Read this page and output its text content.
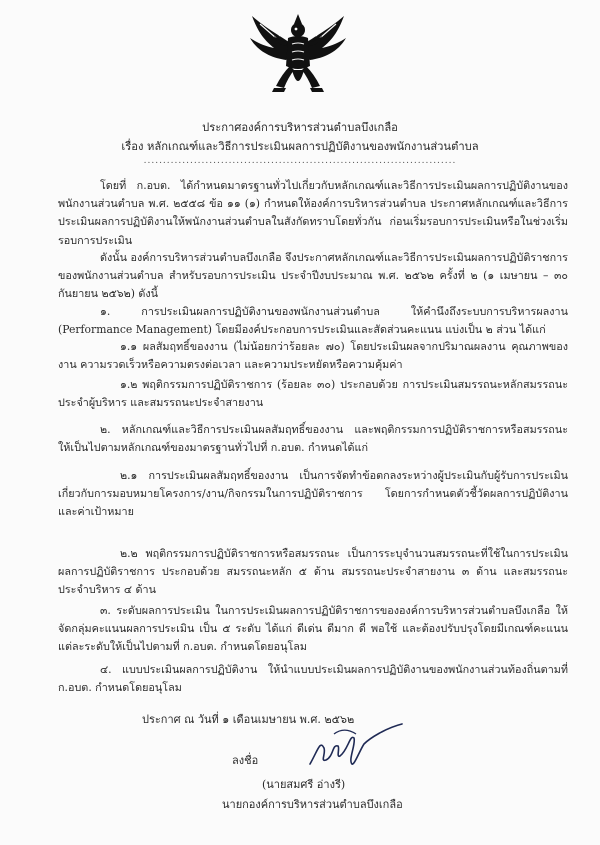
ประกาศองค์การบริหารส่วนตำบลบึงเกลือ
เรื่อง หลักเกณฑ์และวิธีการประเมินผลการปฏิบัติงานของพนักงานส่วนตำบล
.................................................................................
โดยที่ ก.อบต. ได้กำหนดมาตรฐานทั่วไปเกี่ยวกับหลักเกณฑ์และวิธีการประเมินผลการปฏิบัติงานของพนักงานส่วนตำบล พ.ศ. ๒๕๕๘ ข้อ ๑๑ (๑) กำหนดให้องค์การบริหารส่วนตำบล ประกาศหลักเกณฑ์และวิธีการประเมินผลการปฏิบัติงานให้พนักงานส่วนตำบลในสังกัดทราบโดยทั่วกัน ก่อนเริ่มรอบการประเมินหรือในช่วงเริ่มรอบการประเมิน
ดังนั้น องค์การบริหารส่วนตำบลบึงเกลือ จึงประกาศหลักเกณฑ์และวิธีการประเมินผลการปฏิบัติราชการของพนักงานส่วนตำบล สำหรับรอบการประเมิน ประจำปีงบประมาณ พ.ศ. ๒๕๖๒ ครั้งที่ ๒ (๑ เมษายน – ๓๐ กันยายน ๒๕๖๒) ดังนี้
๑. การประเมินผลการปฏิบัติงานของพนักงานส่วนตำบล ให้คำนึงถึงระบบการบริหารผลงาน (Performance Management) โดยมีองค์ประกอบการประเมินและสัดส่วนคะแนน แบ่งเป็น ๒ ส่วน ได้แก่
๑.๑ ผลสัมฤทธิ์ของงาน (ไม่น้อยกว่าร้อยละ ๗๐) โดยประเมินผลจากปริมาณผลงาน คุณภาพของงาน ความรวดเร็วหรือความตรงต่อเวลา และความประหยัดหรือความคุ้มค่า
๑.๒ พฤติกรรมการปฏิบัติราชการ (ร้อยละ ๓๐) ประกอบด้วย การประเมินสมรรถนะหลักสมรรถนะประจำผู้บริหาร และสมรรถนะประจำสายงาน
๒. หลักเกณฑ์และวิธีการประเมินผลสัมฤทธิ์ของงาน และพฤติกรรมการปฏิบัติราชการหรือสมรรถนะ ให้เป็นไปตามหลักเกณฑ์ของมาตรฐานทั่วไปที่ ก.อบต. กำหนดได้แก่
๒.๑ การประเมินผลสัมฤทธิ์ของงาน เป็นการจัดทำข้อตกลงระหว่างผู้ประเมินกับผู้รับการประเมิน เกี่ยวกับการมอบหมายโครงการ/งาน/กิจกรรมในการปฏิบัติราชการ โดยการกำหนดตัวชี้วัดผลการปฏิบัติงาน และค่าเป้าหมาย
๒.๒ พฤติกรรมการปฏิบัติราชการหรือสมรรถนะ เป็นการระบุจำนวนสมรรถนะที่ใช้ในการประเมินผลการปฏิบัติราชการ ประกอบด้วย สมรรถนะหลัก ๕ ด้าน สมรรถนะประจำสายงาน ๓ ด้าน และสมรรถนะประจำบริหาร ๔ ด้าน
๓. ระดับผลการประเมิน ในการประเมินผลการปฏิบัติราชการขององค์การบริหารส่วนตำบลบึงเกลือ ให้จัดกลุ่มคะแนนผลการประเมิน เป็น ๕ ระดับ ได้แก่ ดีเด่น ดีมาก ดี พอใช้ และต้องปรับปรุงโดยมีเกณฑ์คะแนนแต่ละระดับให้เป็นไปตามที่ ก.อบต. กำหนดโดยอนุโลม
๔. แบบประเมินผลการปฏิบัติงาน ให้นำแบบประเมินผลการปฏิบัติงานของพนักงานส่วนท้องถิ่นตามที่ ก.อบต. กำหนดโดยอนุโลม
ประกาศ ณ วันที่ ๑ เดือนเมษายน พ.ศ. ๒๕๖๒
ลงชื่อ
(นายสมศรี อ่างรี)
นายกองค์การบริหารส่วนตำบลบึงเกลือ
